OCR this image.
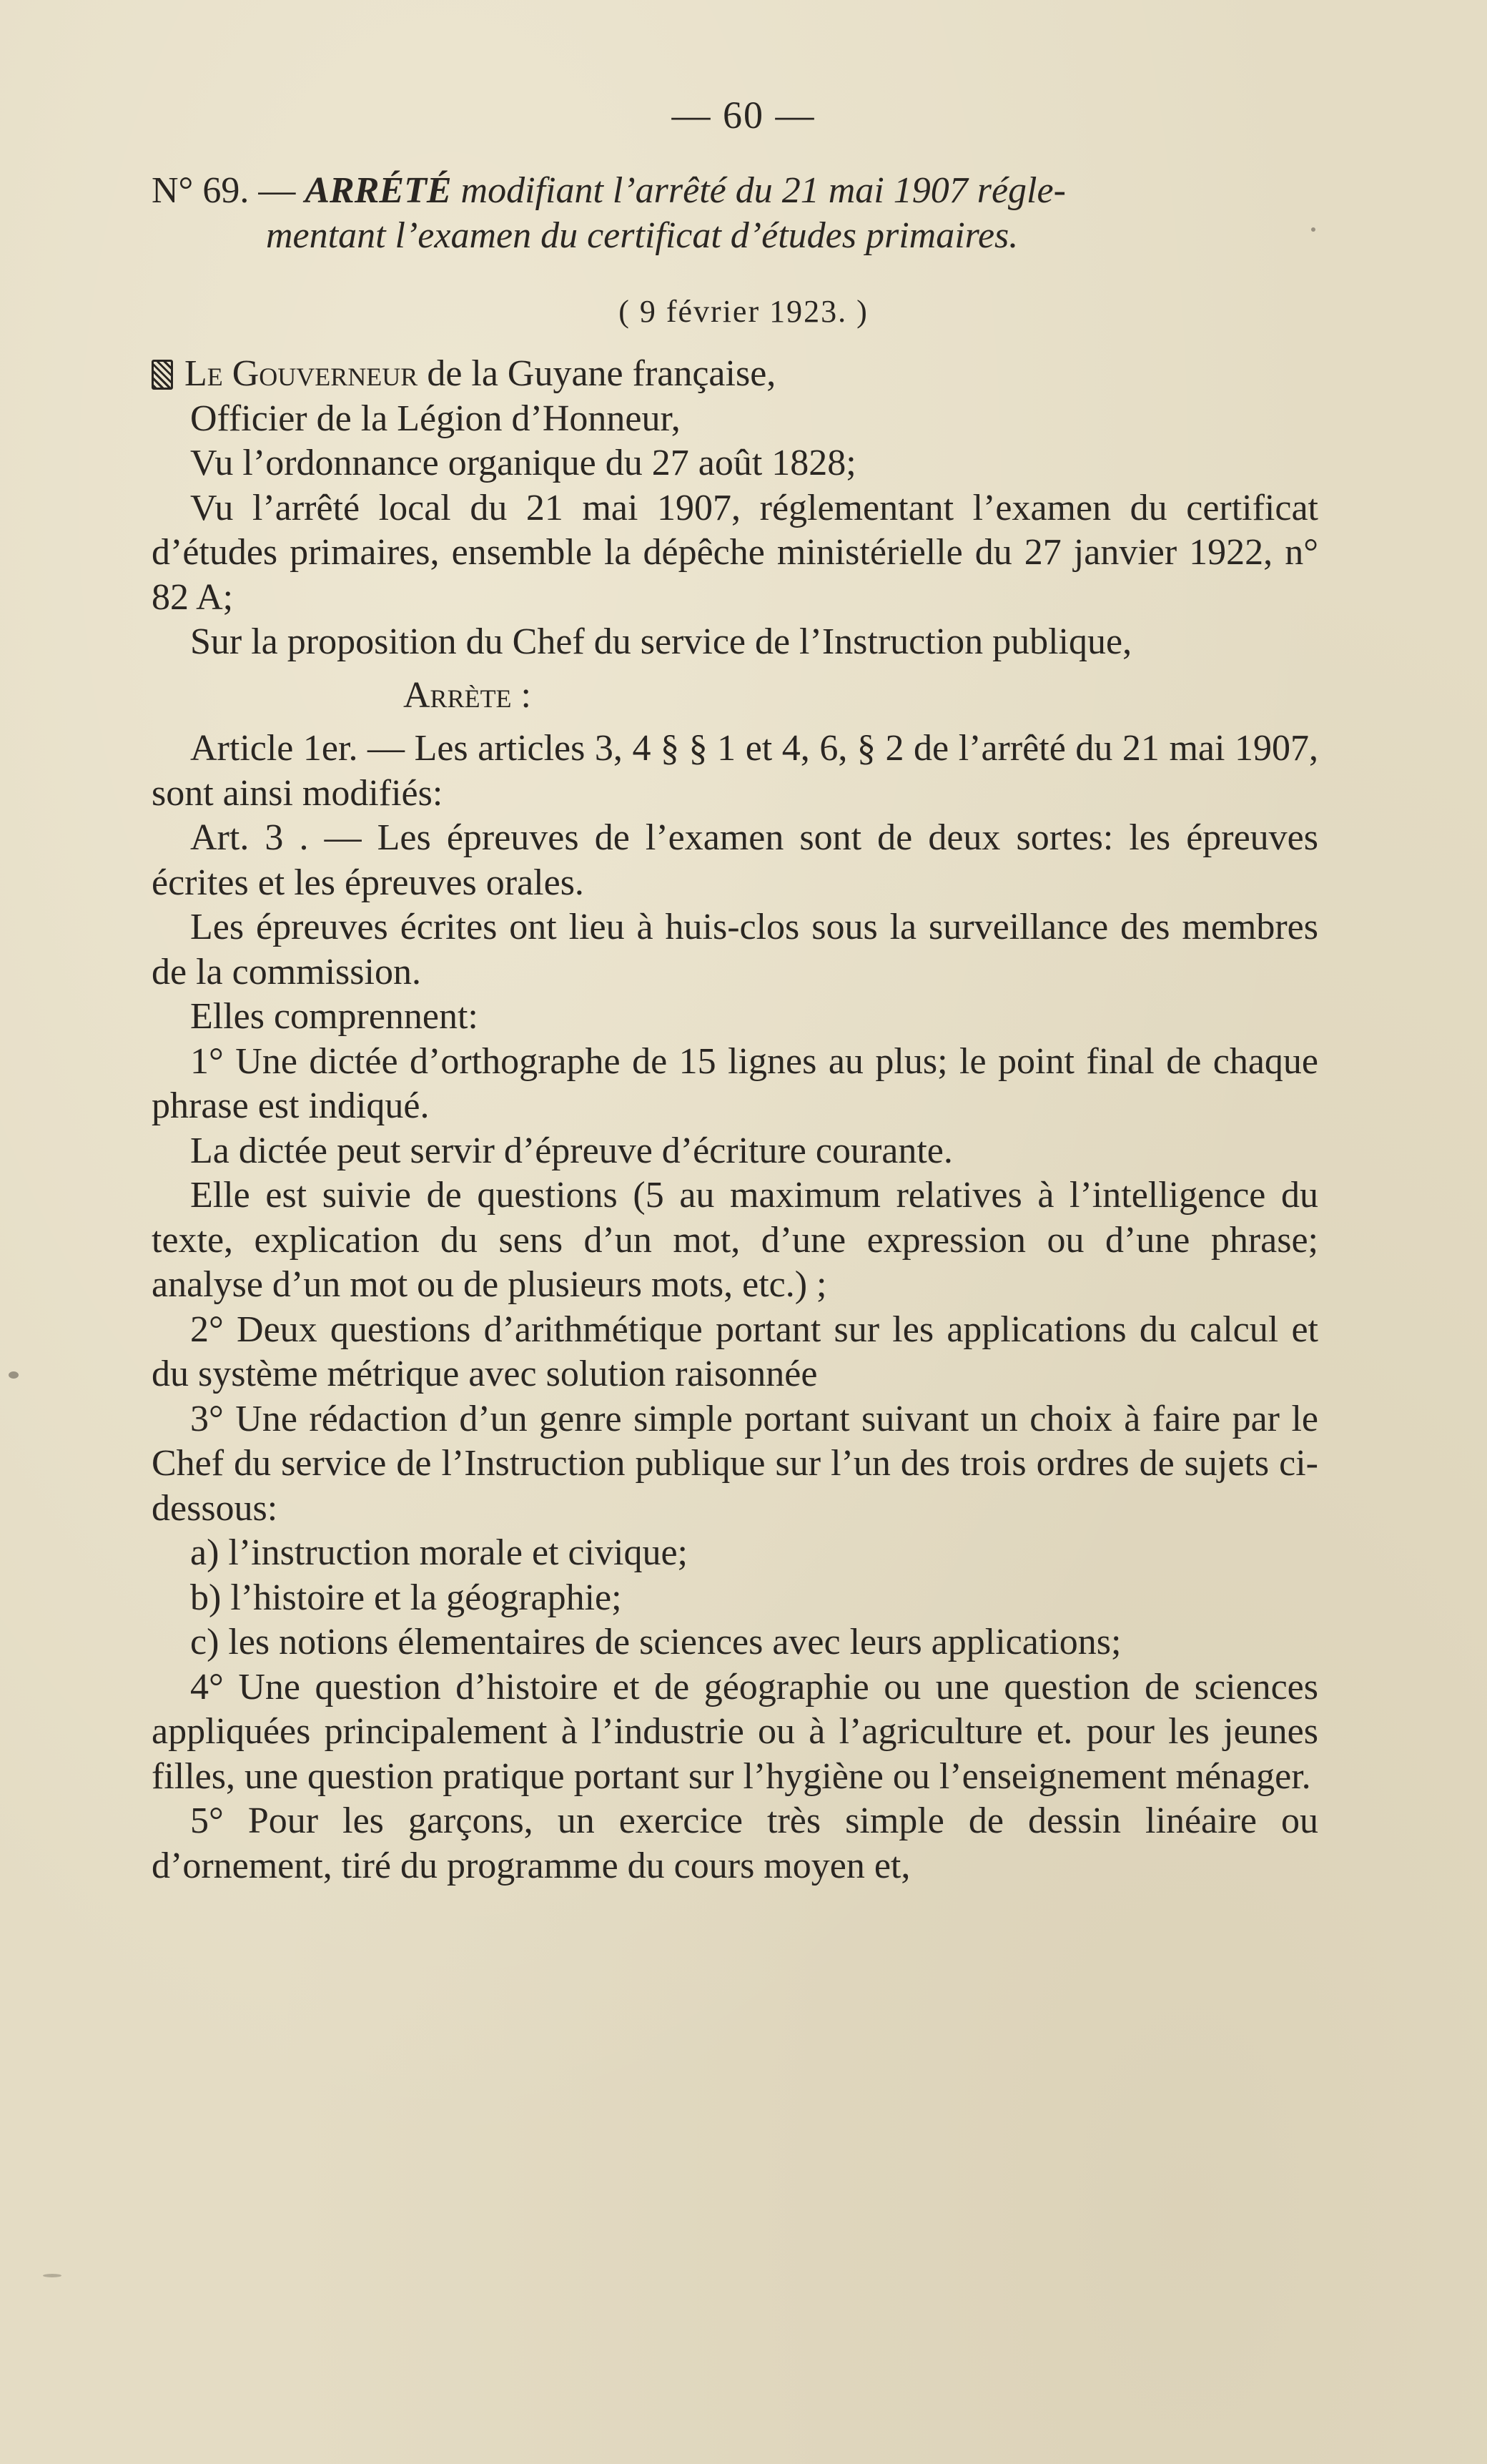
— 60 —
N° 69. — ARRÉTÉ modifiant l’arrêté du 21 mai 1907 régle-
mentant l’examen du certificat d’études primaires.
( 9 février 1923. )

Le Gouverneur de la Guyane française,

Officier de la Légion d’Honneur,

Vu l’ordonnance organique du 27 août 1828;

Vu l’arrêté local du 21 mai 1907, réglementant l’examen du certificat d’études primaires, ensemble la dépêche ministérielle du 27 janvier 1922, n° 82 A;

Sur la proposition du Chef du service de l’Instruction publique,

Arrète :

Article 1er. — Les articles 3, 4 § § 1 et 4, 6, § 2 de l’arrêté du 21 mai 1907, sont ainsi modifiés:

Art. 3 . — Les épreuves de l’examen sont de deux sortes: les épreuves écrites et les épreuves orales.

Les épreuves écrites ont lieu à huis-clos sous la surveillance des membres de la commission.

Elles comprennent:

1° Une dictée d’orthographe de 15 lignes au plus; le point final de chaque phrase est indiqué.

La dictée peut servir d’épreuve d’écriture courante.

Elle est suivie de questions (5 au maximum relatives à l’intelligence du texte, explication du sens d’un mot, d’une expression ou d’une phrase; analyse d’un mot ou de plusieurs mots, etc.) ;

2° Deux questions d’arithmétique portant sur les applications du calcul et du système métrique avec solution raisonnée

3° Une rédaction d’un genre simple portant suivant un choix à faire par le Chef du service de l’Instruction publique sur l’un des trois ordres de sujets ci-dessous:

a) l’instruction morale et civique;

b) l’histoire et la géographie;

c) les notions élementaires de sciences avec leurs applications;

4° Une question d’histoire et de géographie ou une question de sciences appliquées principalement à l’industrie ou à l’agriculture et. pour les jeunes filles, une question pratique portant sur l’hygiène ou l’enseignement ménager.

5° Pour les garçons, un exercice très simple de dessin linéaire ou d’ornement, tiré du programme du cours moyen et,
